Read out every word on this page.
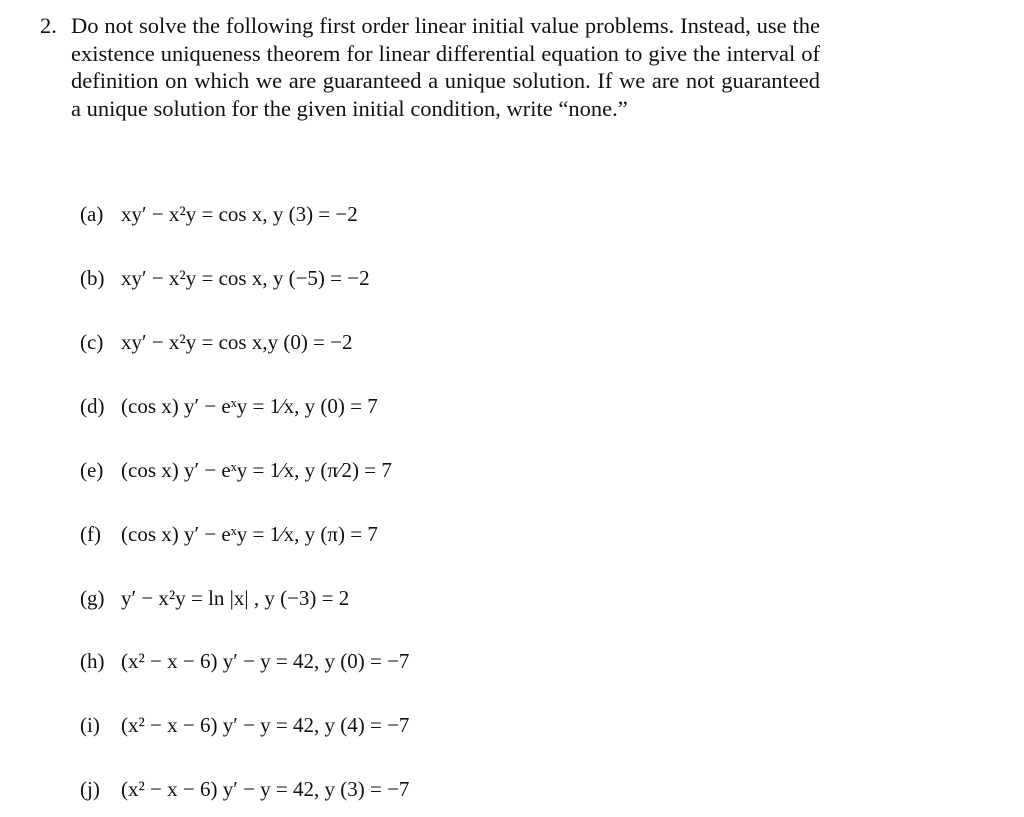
2. Do not solve the following first order linear initial value problems. Instead, use the existence uniqueness theorem for linear differential equation to give the interval of definition on which we are guaranteed a unique solution. If we are not guaranteed a unique solution for the given initial condition, write “none.”
(a) xy′ − x²y = cos x, y (3) = −2
(b) xy′ − x²y = cos x, y (−5) = −2
(c) xy′ − x²y = cos x,y (0) = −2
(d) (cos x) y′ − eˣy = 1⁄x, y (0) = 7
(e) (cos x) y′ − eˣy = 1⁄x, y (π⁄2) = 7
(f) (cos x) y′ − eˣy = 1⁄x, y (π) = 7
(g) y′ − x²y = ln |x| , y (−3) = 2
(h) (x² − x − 6) y′ − y = 42, y (0) = −7
(i) (x² − x − 6) y′ − y = 42, y (4) = −7
(j) (x² − x − 6) y′ − y = 42, y (3) = −7
